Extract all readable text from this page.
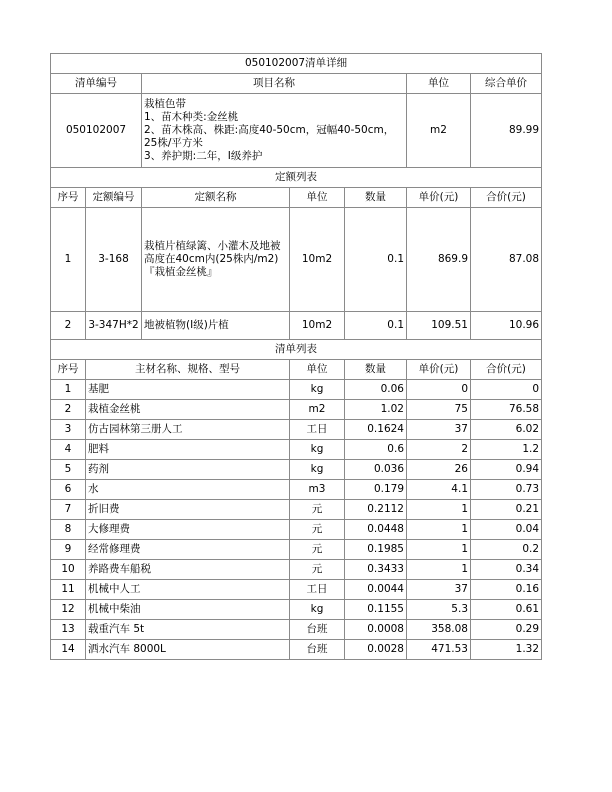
050102007清单详细						
清单编号		项目名称			单位	综合单价
050102007		栽植色带
1、苗木种类:金丝桃
2、苗木株高、株距:高度40-50cm，冠幅40-50cm，25株/平方米
3、养护期:二年，Ⅰ级养护			m2	89.99
定额列表						
序号	定额编号	定额名称	单位	数量	单价(元)	合价(元)
1	3-168	栽植片植绿篱、小灌木及地被高度在40cm内(25株内/m2)『栽植金丝桃』	10m2	0.1	869.9	87.08
2	3-347H*2	地被植物(Ⅰ级)片植	10m2	0.1	109.51	10.96
清单列表						
序号	主材名称、规格、型号		单位	数量	单价(元)	合价(元)
1	基肥		kg	0.06	0	0
2	栽植金丝桃		m2	1.02	75	76.58
3	仿古园林第三册人工		工日	0.1624	37	6.02
4	肥料		kg	0.6	2	1.2
5	药剂		kg	0.036	26	0.94
6	水		m3	0.179	4.1	0.73
7	折旧费		元	0.2112	1	0.21
8	大修理费		元	0.0448	1	0.04
9	经常修理费		元	0.1985	1	0.2
10	养路费车船税		元	0.3433	1	0.34
11	机械中人工		工日	0.0044	37	0.16
12	机械中柴油		kg	0.1155	5.3	0.61
13	载重汽车 5t		台班	0.0008	358.08	0.29
14	洒水汽车 8000L		台班	0.0028	471.53	1.32
